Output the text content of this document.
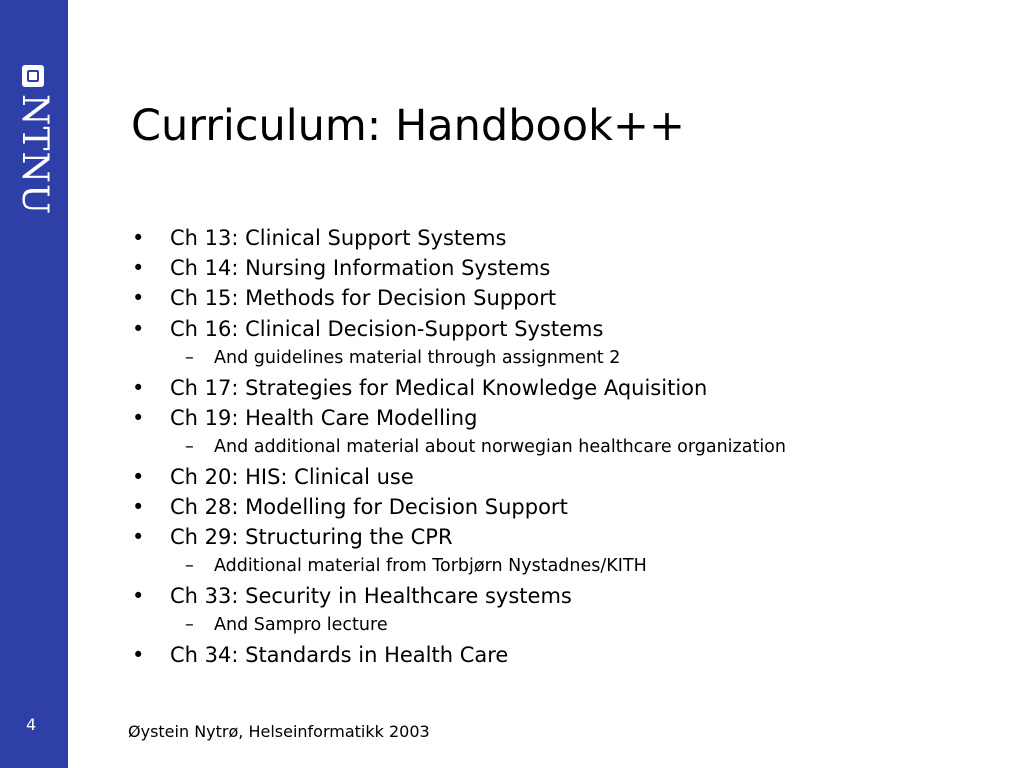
NTNU
4
Curriculum: Handbook++
• Ch 13: Clinical Support Systems
• Ch 14: Nursing Information Systems
• Ch 15: Methods for Decision Support
• Ch 16: Clinical Decision-Support Systems
– And guidelines material through assignment 2
• Ch 17: Strategies for Medical Knowledge Aquisition
• Ch 19: Health Care Modelling
– And additional material about norwegian healthcare organization
• Ch 20: HIS: Clinical use
• Ch 28: Modelling for Decision Support
• Ch 29: Structuring the CPR
– Additional material from Torbjørn Nystadnes/KITH
• Ch 33: Security in Healthcare systems
– And Sampro lecture
• Ch 34: Standards in Health Care
Øystein Nytrø, Helseinformatikk 2003
